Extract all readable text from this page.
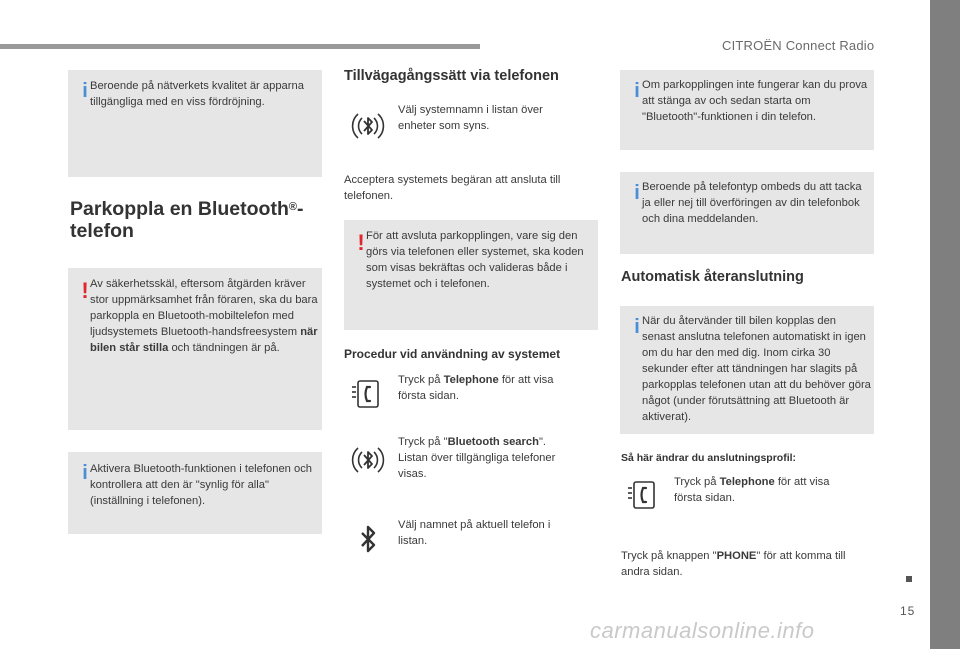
CITROËN Connect Radio
15
carmanualsonline.info
i Beroende på nätverkets kvalitet är apparna tillgängliga med en viss fördröjning.
Parkoppla en Bluetooth®-
telefon
! Av säkerhetsskäl, eftersom åtgärden kräver stor uppmärksamhet från föraren, ska du bara parkoppla en Bluetooth-mobiltelefon med ljudsystemets Bluetooth-handsfreesystem när bilen står stilla och tändningen är på.
i Aktivera Bluetooth-funktionen i telefonen och kontrollera att den är "synlig för alla" (inställning i telefonen).
Tillvägagångssätt via telefonen
Välj systemnamn i listan över enheter som syns.
Acceptera systemets begäran att ansluta till telefonen.
! För att avsluta parkopplingen, vare sig den görs via telefonen eller systemet, ska koden som visas bekräftas och valideras både i systemet och i telefonen.
Procedur vid användning av systemet
Tryck på Telephone för att visa första sidan.
Tryck på "Bluetooth search". Listan över tillgängliga telefoner visas.
Välj namnet på aktuell telefon i listan.
i Om parkopplingen inte fungerar kan du prova att stänga av och sedan starta om "Bluetooth"-funktionen i din telefon.
i Beroende på telefontyp ombeds du att tacka ja eller nej till överföringen av din telefonbok och dina meddelanden.
Automatisk återanslutning
i När du återvänder till bilen kopplas den senast anslutna telefonen automatiskt in igen om du har den med dig. Inom cirka 30 sekunder efter att tändningen har slagits på parkopplas telefonen utan att du behöver göra något (under förutsättning att Bluetooth är aktiverat).
Så här ändrar du anslutningsprofil:
Tryck på Telephone för att visa första sidan.
Tryck på knappen "PHONE" för att komma till andra sidan.
